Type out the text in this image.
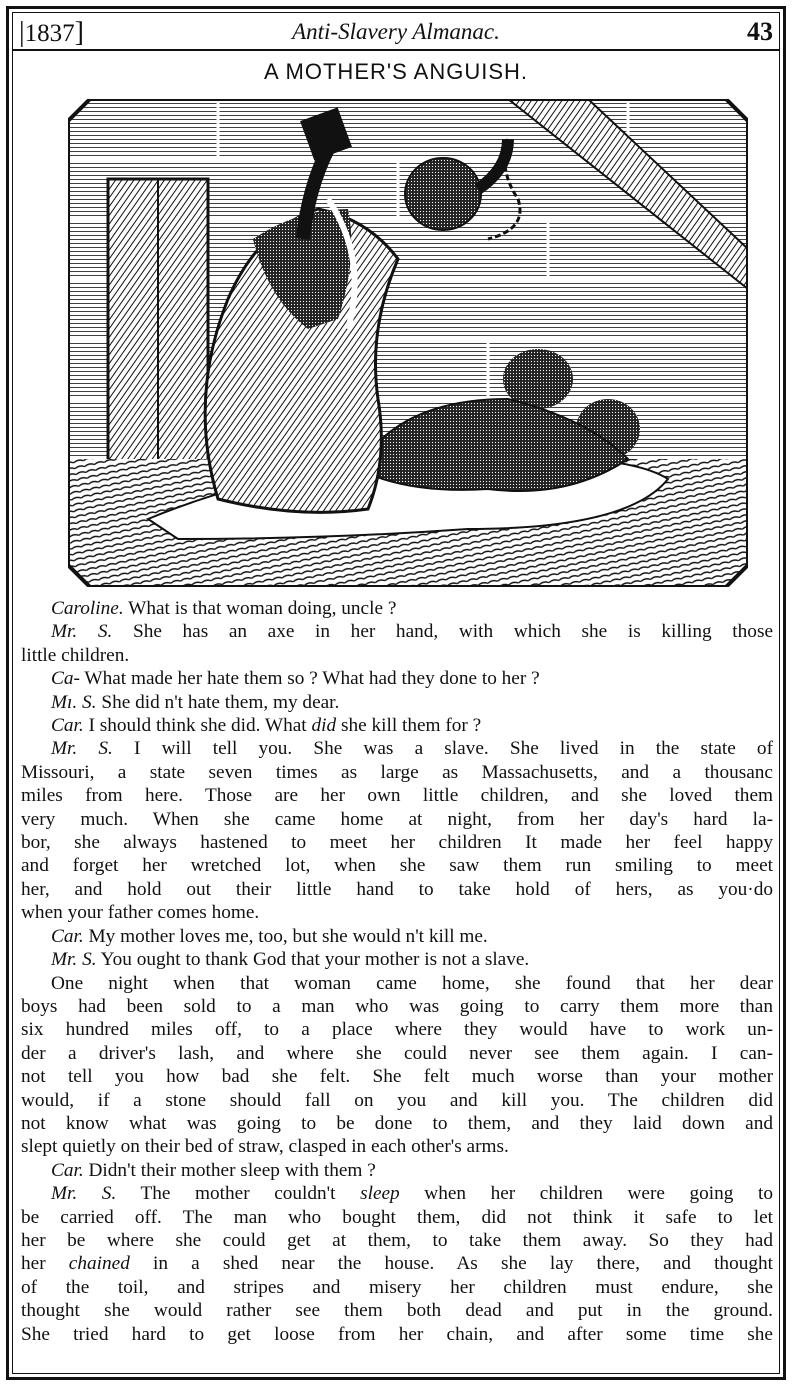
|1837]	Anti-Slavery Almanac.	43
A MOTHER'S ANGUISH.
Caroline. What is that woman doing, uncle ?
Mr. S. She has an axe in her hand, with which she is killing those
little children.
Ca- What made her hate them so ? What had they done to her ?
Mı. S. She did n't hate them, my dear.
Car. I should think she did. What did she kill them for ?
Mr. S. I will tell you. She was a slave. She lived in the state of
Missouri, a state seven times as large as Massachusetts, and a thousanc
miles from here. Those are her own little children, and she loved them
very much. When she came home at night, from her day's hard la-
bor, she always hastened to meet her children It made her feel happy
and forget her wretched lot, when she saw them run smiling to meet
her, and hold out their little hand to take hold of hers, as you·do
when your father comes home.
Car. My mother loves me, too, but she would n't kill me.
Mr. S. You ought to thank God that your mother is not a slave.
One night when that woman came home, she found that her dear
boys had been sold to a man who was going to carry them more than
six hundred miles off, to a place where they would have to work un-
der a driver's lash, and where she could never see them again. I can-
not tell you how bad she felt. She felt much worse than your mother
would, if a stone should fall on you and kill you. The children did
not know what was going to be done to them, and they laid down and
slept quietly on their bed of straw, clasped in each other's arms.
Car. Didn't their mother sleep with them ?
Mr. S. The mother couldn't sleep when her children were going to
be carried off. The man who bought them, did not think it safe to let
her be where she could get at them, to take them away. So they had
her chained in a shed near the house. As she lay there, and thought
of the toil, and stripes and misery her children must endure, she
thought she would rather see them both dead and put in the ground.
She tried hard to get loose from her chain, and after some time she
